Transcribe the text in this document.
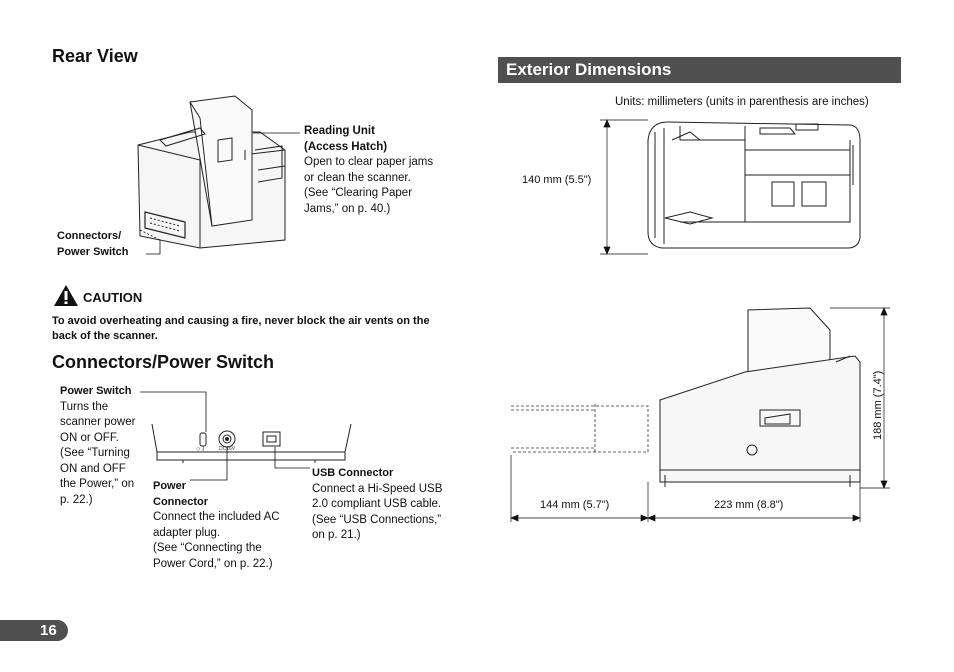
Rear View
Reading Unit
(Access Hatch)
Open to clear paper jams
or clean the scanner.
(See “Clearing Paper
Jams,” on p. 40.)
Connectors/
Power Switch
CAUTION
To avoid overheating and causing a fire, never block the air vents on the
back of the scanner.
Connectors/Power Switch
Power Switch
Turns the
scanner power
ON or OFF.
(See “Turning
ON and OFF
the Power,” on
p. 22.)
○ I	DC16V
Power
Connector
Connect the included AC
adapter plug.
(See “Connecting the
Power Cord,” on p. 22.)
USB Connector
Connect a Hi-Speed USB
2.0 compliant USB cable.
(See “USB Connections,”
on p. 21.)
Exterior Dimensions
Units: millimeters (units in parenthesis are inches)
140 mm (5.5")
188 mm (7.4")
144 mm (5.7")	223 mm (8.8")
16
